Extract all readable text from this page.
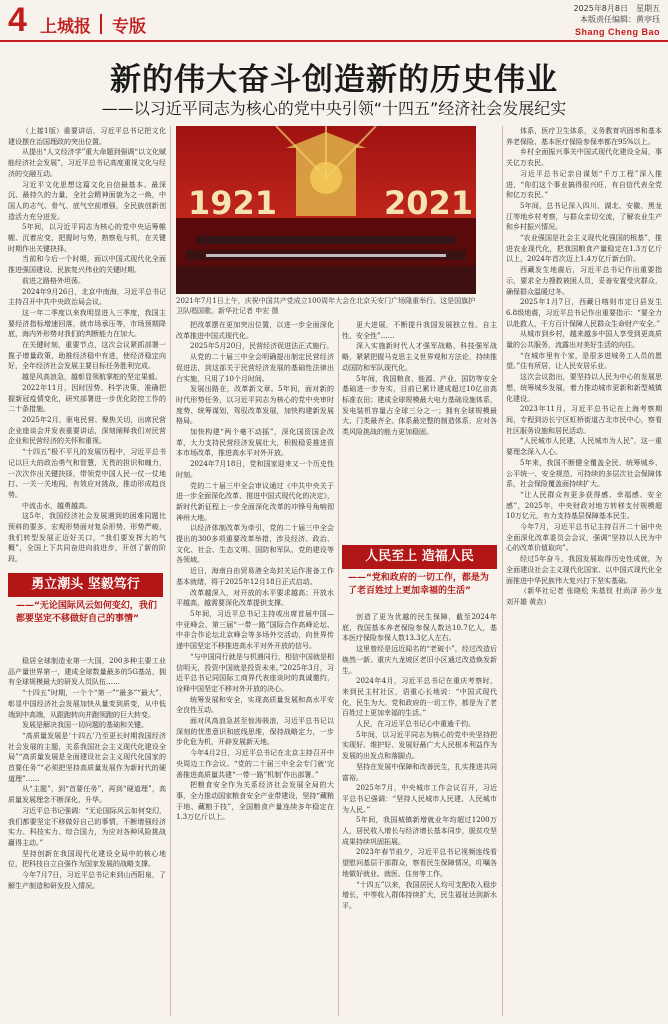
4 上城报 专版
2025年8月8日　星期五
本版责任编辑：黄亭珏
Shang Cheng Bao
新的伟大奋斗创造新的历史伟业
——以习近平同志为核心的党中央引领“十四五”经济社会发展纪实

（上接1版）重要讲话，习近平总书记把文化建设摆在治国理政的突出位置。

从提出“人文经济学”重大命题到强调“以文化赋能经济社会发展”，习近平总书记高度重视文化与经济的交融互动。

习近平文化思想这篇文化自信最基本、最深沉、最持久的力量，全社会精神面貌为之一焕，中国人的志气、骨气、底气空前增强，全民族创新创造活力充分迸发。

5年间，以习近平同志为核心的党中央运筹帷幄、沉着应变，把握时与势，熟察危与机，在关键时期作出关键抉择。

当前和今后一个时期，面以中国式现代化全面推进强国建设、民族复兴伟业的关键时期。

前进之路格外坦荡。

2024年9月26日，北京中南海，习近平总书记主持召开中共中央政治局会议。

这一年二季度以来我明显进入三季度，我国主要经济指标增速回落，就市场承压等，市场预期降底，海内外形势对我们的判断能力在加大。

在关键时刻，重要节点，这次会议紧抓部署一揽子增量政策，助推经济稳中有进，使经济稳定向好，全年经济社会发展主要目标任务胜利完成。

越是风高浪急，越彰显领航掌舵的坚定果毅。

2022年11月，因时因势、科学决策，准确把握新冠疫情变化，研究部署进一步优化防控工作的二十条措施。

2025年2月，驱电民营、聚焦关切，出席民营企业座谈会并发表重要讲话，深刻阐释我们对民营企业和民营经济的关怀和重视。

“十四五”极不平凡的发展历程中，习近平总书记以巨大的政治勇气和智慧，无畏的担识和魄力，一次次作出关键抉择，带领党中国人民一仗一仗地打、一关一关地闯，有效应对挑战，推动形成趋良势。

中流击水，越勇越高。

这5年，我国经济社会发展遇到的困难同题比预料的要多，宏观形势面对复杂形势，形势严峻，我们转型发展正迈好关口，“我们要发挥大的气概”，全国上下共同奋进向前进步，开创了新的阶段。

勇立潮头 坚毅笃行
——“无论国际风云如何变幻，我们都要坚定不移做好自己的事情”

稳居全球制造业第一大国，200多种主要工业品产量世界第一，建成全球数量最多的5G基站，拥有全球规模最大的研发人员队伍……

“十四五”时期，一个个“第一”“最多”“最大”，彰显中国经济社会发展加快从量变到质变，从中低端到中高端，从跟跑转向并跑领跑的巨大转变。

发展是解决我国一切问题的基础和关键。

“高质量发展是‘十四五’乃至更长时期我国经济社会发展的主题，关系我国社会主义现代化建设全局”“高质量发展是全面建设社会主义现代化国家的首要任务”“必须把坚持高质量发展作为新时代的硬道理”……

从“主题”，到“首要任务”，再到“硬道理”，高质量发展理念不断深化、升华。

习近平总书记强调：“无论国际风云如何变幻，我们都要坚定不移做好自己的事情，不断增强经济实力、科技实力、综合国力，为应对各种风险挑战赢得主动。”

坚持创新在我国现代化建设全局中的核心地位，把科技自立自强作为国家发展的战略支撑。

今年7月7日，习近平总书记来到山西阳泉，了解生产制造和研发投入情况。

1921	2021
2021年7月1日上午，庆祝中国共产党成立100周年大会在北京天安门广场隆重举行。这是国旗护卫队唱国歌。新华社记者 申宏 摄

把改革摆在更加突出位置，以进一步全面深化改革推进中国式现代化。

2025年5月20日，民营经济促进法正式施行。

从党的二十届三中全会明确提出制定民营经济促进法，到这部关于民营经济发展的基础性法律出台实施，只用了10个月时间。

发展出路在，改革新文章。5年间，面对新的时代形势任务，以习近平同志为核心的党中央审时度势、统筹谋划，驾驭改革发展，加快构建新发展格局。

加快构建“两个毫不动摇”，深化国资国企改革，大力支持民营经济发展壮大，积极稳妥推进资本市场改革，推进高水平对外开放。

2024年7月18日，党和国家迎来又一个历史性时刻。

党的二十届三中全会审议通过《中共中央关于进一步全面深化改革、推进中国式现代化的决定》，新时代新征程上一步全面深化改革的冲锋号角响彻神州大地。

以经济体制改革为牵引，党的二十届三中全会提出的300多项重要改革举措，涉及经济、政治、文化、社会、生态文明、国防和军队、党的建设等各领域。

近日，海南自由贸易港全岛封关运作准备工作基本就绪，将于2025年12月18日正式启动。

改革越深入，对开放的水平要求越高；开放水平越高，越需要深化改革提供支撑。

5年间，习近平总书记主持或出席首届中国—中亚峰会、第三届“一带一路”国际合作高峰论坛、中非合作论坛北京峰会等多场外交活动，向世界传递中国坚定不移推进高水平对外开放的信号。

“与中国同行就是与机遇同行，相信中国就是相信明天，投资中国就是投资未来。”2025年3月，习近平总书记同国际工商界代表座谈时的真诚邀约，诠释中国坚定不移对外开放的决心。

统筹发展和安全，实现高质量发展和高水平安全良性互动。

面对风高浪急甚至惊涛骇浪，习近平总书记以深刻的忧患意识和底线思维，保持战略定力，一步步化危为机，开辟发展新天地。

今年4月2日，习近平总书记在北京主持召开中央周边工作会议。“党的二十届三中全会专门就‘完善推进高质量共建“一带一路”机制’作出部署。”

把粮食安全作为关系经济社会发展全局的大事，全力推动国家粮食安全产业带建设，坚持“藏粮于地、藏粮于技”，全国粮食产量连续多年稳定在1.3万亿斤以上。

更大进展，不断提升我国发展独立性、自主性、安全性”……

深入实施新时代人才强军战略、科技强军战略，紧紧把握马克思主义世界观和方法论，持续推动国防和军队现代化。

5年间，我国粮食、能源、产业、国防等安全基础进一步夯实，目前已累计建成超过10亿亩高标准农田；建成全球规模最大电力基础设施体系，发电装机容量占全球三分之一；拥有全球规模最大、门类最齐全、体系最完整的制造体系，应对各类风险挑战的能力更加稳固。

人民至上 造福人民
——“党和政府的一切工作，都是为了老百姓过上更加幸福的生活”

创造了更为优越的民生保障，截至2024年底，我国基本养老保险参保人数达10.7亿人，基本医疗保险参保人数13.3亿人左右。

这里曾经是远近闻名的“老破小”，经过改造后焕然一新。重庆九龙坡区老旧小区通过改造焕发新生。

2024年4月，习近平总书记在重庆考察时，来到民主村社区，语重心长地说：“中国式现代化，民生为大。党和政府的一切工作，都是为了老百姓过上更加幸福的生活。”

人民，在习近平总书记心中重逾千钧。

5年间，以习近平同志为核心的党中央坚持把实现好、维护好、发展好最广大人民根本利益作为发展的出发点和落脚点。

坚持在发展中保障和改善民生，扎实推进共同富裕。

2025年7月，中央城市工作会议召开，习近平总书记强调：“坚持人民城市人民建、人民城市为人民。”

5年间，我国城镇新增就业年均超过1200万人，居民收入增长与经济增长基本同步，脱贫攻坚成果持续巩固拓展。

2023年春节前夕，习近平总书记视频连线看望慰问基层干部群众，察看民生保障情况，叮嘱各地做好就业、就医、住房等工作。

“十四五”以来，我国居民人均可支配收入稳步增长，中等收入群体持续扩大，民生福祉达到新水平。

体系，医疗卫生体系，义务教育巩固率和基本养老保险、基本医疗保险参保率都在95%以上。

乡村全面振兴事关中国式现代化建设全局，事关亿万农民。

习近平总书记亲自谋划“千万工程”深入推进，“你们这个事业搞得很兴旺，有自信代表全党和亿万农民。”

5年间，总书记深入四川、湖北、安徽、黑龙江等地乡村考察，与群众亲切交流，了解农业生产和乡村振兴情况。

“农业强国是社会主义现代化强国的根基”，推进农业现代化，把我国粮食产量稳定在1.3万亿斤以上，2024年首次迈上1.4万亿斤新台阶。

西藏发生地震后，习近平总书记作出重要指示，要求全力搜救被困人员，妥善安置受灾群众，确保群众温暖过冬。

2025年1月7日，西藏日喀则市定日县发生6.8级地震，习近平总书记作出重要指示：“要全力以赴救人，千方百计保障人民群众生命财产安全。”

从城市到乡村，越来越多中国人享受到更高质量的公共服务，流露出对美好生活的向往。

“在城市里有个家，是很多进城务工人员的愿望。”住有所居，让人民安居乐业。

这次会议指出，要坚持以人民为中心的发展思想，统筹城乡发展，着力推动城市更新和新型城镇化建设。

2023年11月，习近平总书记在上海考察期间，专程到访长宁区虹桥街道古北市民中心，察看社区服务设施和居民活动。

“人民城市人民建，人民城市为人民”，这一重要理念深入人心。

5年来，我国不断健全覆盖全民、统筹城乡、公平统一、安全规范、可持续的多层次社会保障体系，社会保险覆盖面持续扩大。

“让人民群众有更多获得感、幸福感、安全感”，2025年，中央财政对地方转移支付规模超10万亿元，有力支持基层保障基本民生。

今年7月，习近平总书记主持召开二十届中央全面深化改革委员会会议，强调“坚持以人民为中心的改革价值取向”。

经过5年奋斗，我国发展取得历史性成就，为全面建设社会主义现代化国家、以中国式现代化全面推进中华民族伟大复兴打下坚实基础。

（新华社记者 张晓松 朱基钗 杜尚泽 孙少龙 刘开雄 黄垚）
